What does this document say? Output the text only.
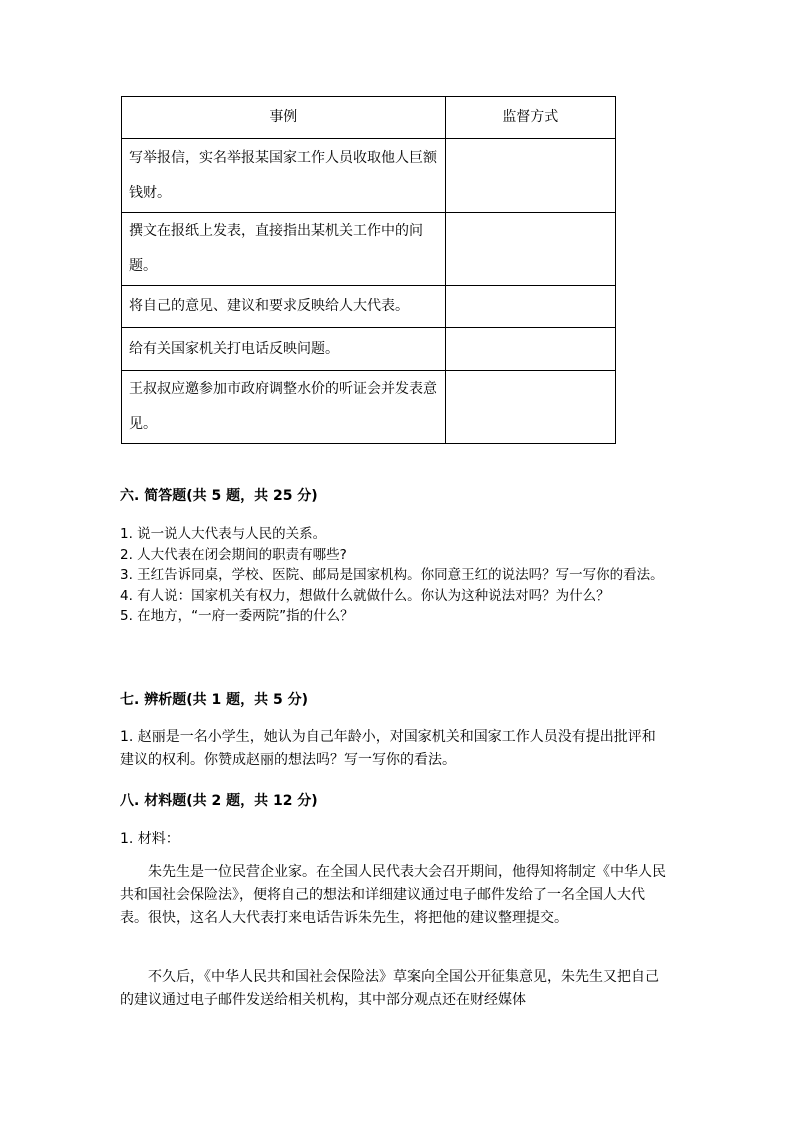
事例	监督方式
写举报信，实名举报某国家工作人员收取他人巨额钱财。	
撰文在报纸上发表，直接指出某机关工作中的问题。	
将自己的意见、建议和要求反映给人大代表。	
给有关国家机关打电话反映问题。	
王叔叔应邀参加市政府调整水价的听证会并发表意见。	
六. 简答题(共 5 题，共 25 分)
1. 说一说人大代表与人民的关系。
2. 人大代表在闭会期间的职责有哪些?
3. 王红告诉同桌，学校、医院、邮局是国家机构。你同意王红的说法吗？写一写你的看法。
4. 有人说：国家机关有权力，想做什么就做什么。你认为这种说法对吗？为什么？
5. 在地方，“一府一委两院”指的什么？
七. 辨析题(共 1 题，共 5 分)
1. 赵丽是一名小学生，她认为自己年龄小，对国家机关和国家工作人员没有提出批评和建议的权利。你赞成赵丽的想法吗？写一写你的看法。
八. 材料题(共 2 题，共 12 分)
1. 材料：
朱先生是一位民营企业家。在全国人民代表大会召开期间，他得知将制定《中华人民共和国社会保险法》，便将自己的想法和详细建议通过电子邮件发给了一名全国人大代表。很快，这名人大代表打来电话告诉朱先生，将把他的建议整理提交。
不久后，《中华人民共和国社会保险法》草案向全国公开征集意见，朱先生又把自己的建议通过电子邮件发送给相关机构，其中部分观点还在财经媒体
